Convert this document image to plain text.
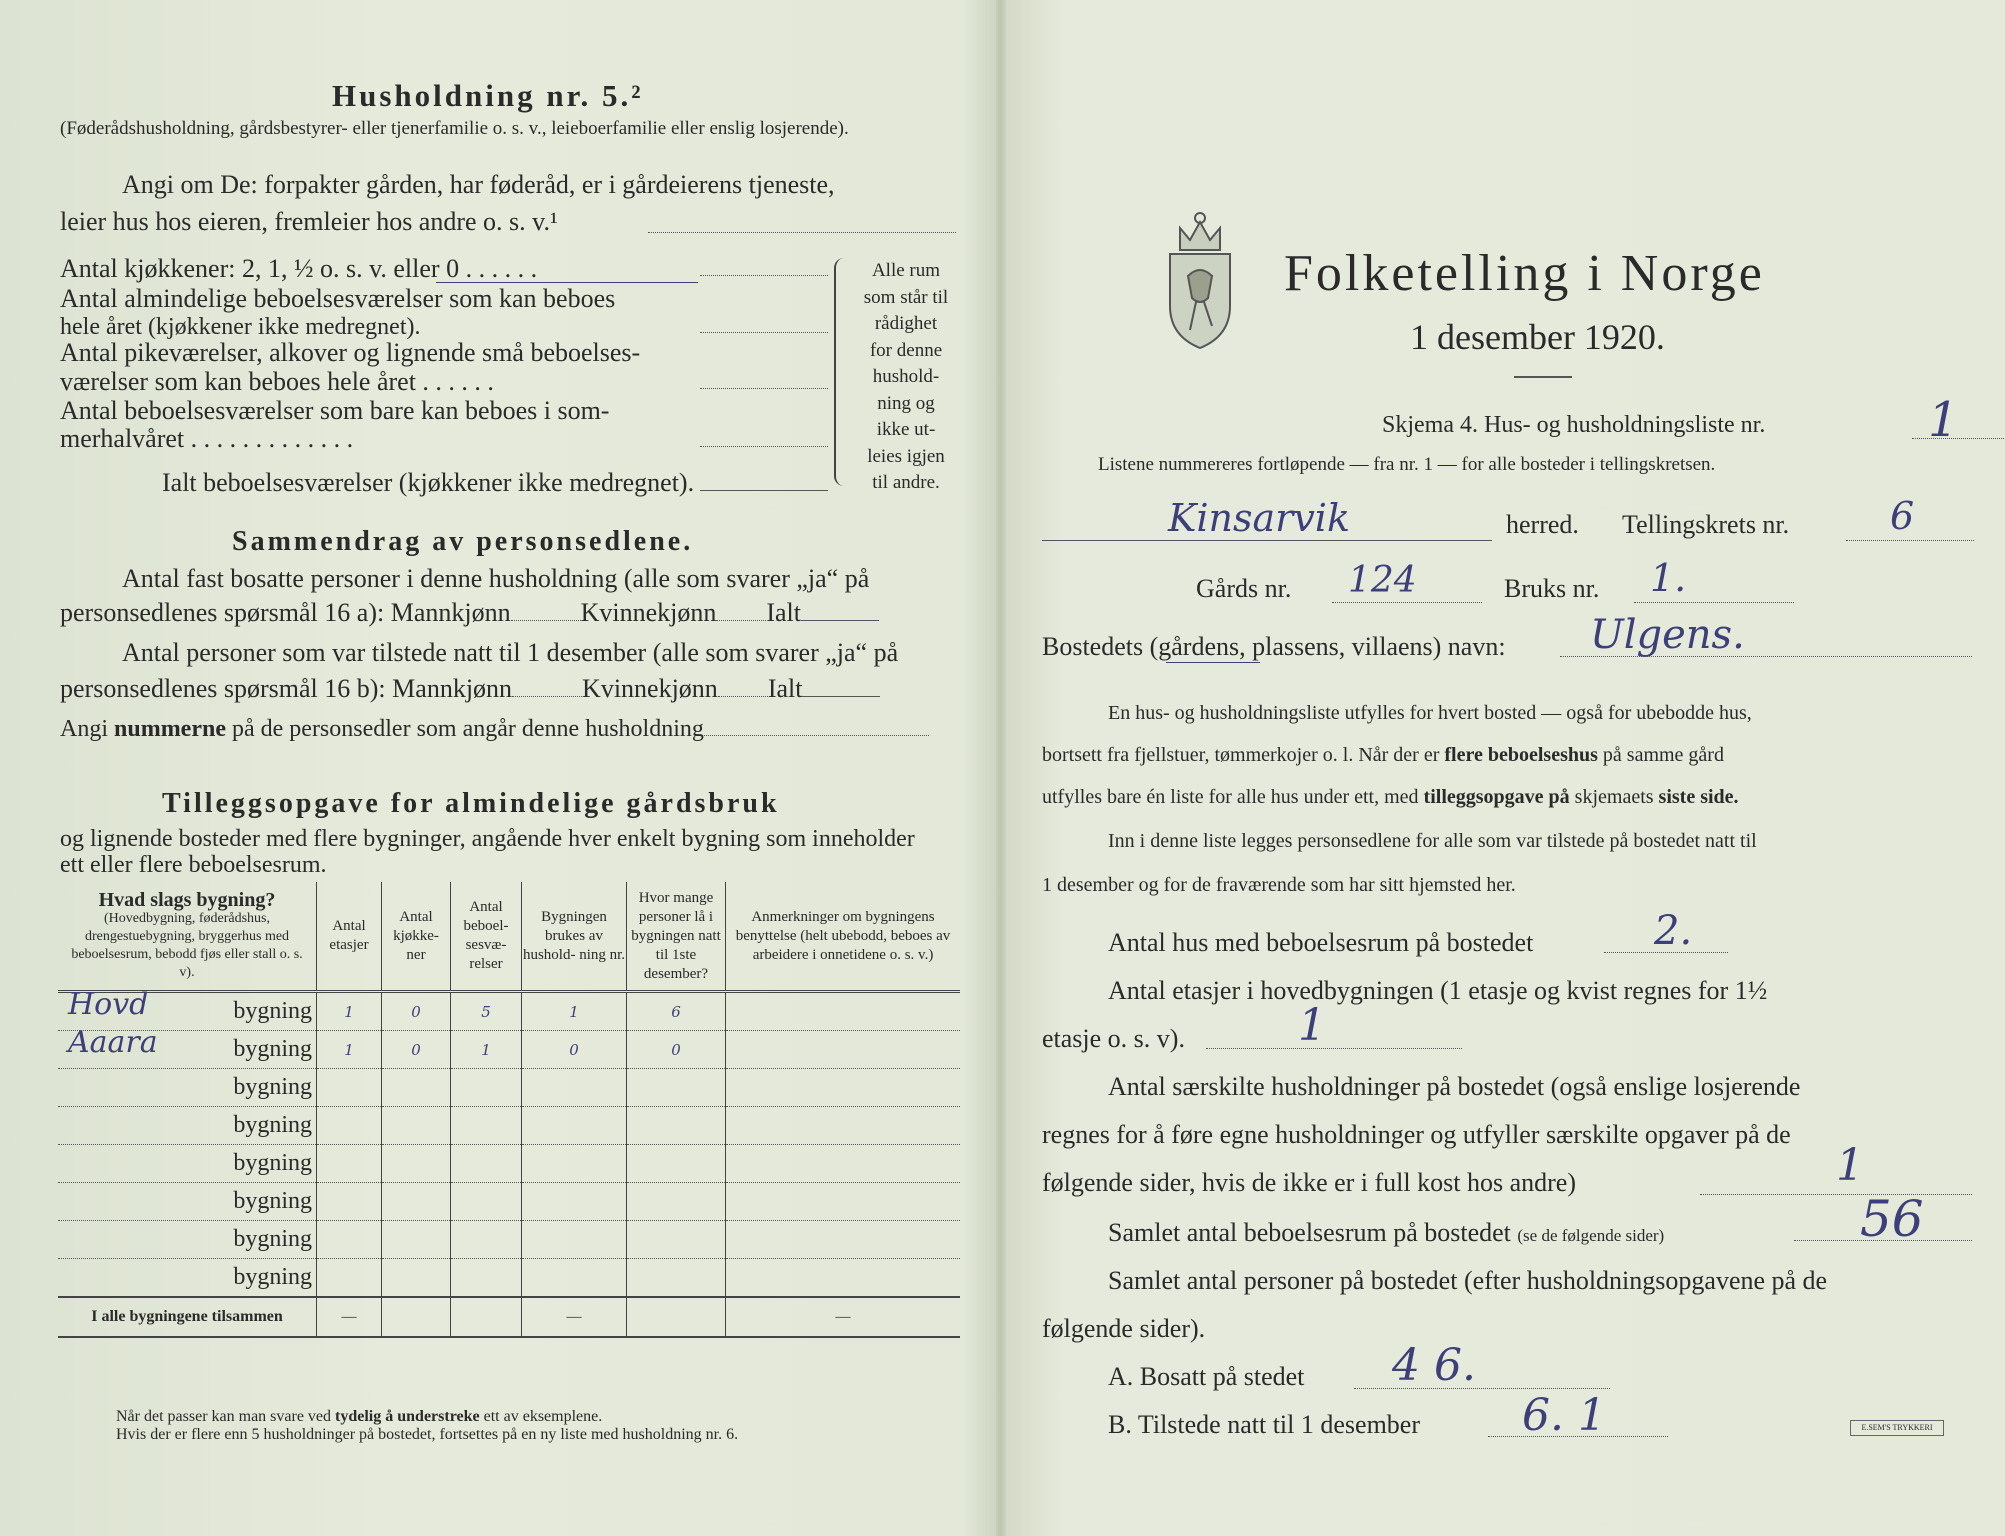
Husholdning nr. 5.²
(Føderådshusholdning, gårdsbestyrer- eller tjenerfamilie o. s. v., leieboerfamilie eller enslig losjerende).
Angi om De: forpakter gården, har føderåd, er i gårdeierens tjeneste,
leier hus hos eieren, fremleier hos andre o. s. v.¹
Antal kjøkkener: 2, 1, ½ o. s. v. eller 0 . . . . . .
Antal almindelige beboelsesværelser som kan beboes
hele året (kjøkkener ikke medregnet).
Antal pikeværelser, alkover og lignende små beboelses-
værelser som kan beboes hele året . . . . . .
Antal beboelsesværelser som bare kan beboes i som-
merhalvåret . . . . . . . . . . . . .
Ialt beboelsesværelser (kjøkkener ikke medregnet).
Alle rum
som står til
rådighet
for denne
hushold-
ning og
ikke ut-
leies igjen
til andre.
Sammendrag av personsedlene.
Antal fast bosatte personer i denne husholdning (alle som svarer „ja“ på
personsedlenes spørsmål 16 a): Mannkjønn	Kvinnekjønn Ialt
Antal personer som var tilstede natt til 1 desember (alle som svarer „ja“ på
personsedlenes spørsmål 16 b): Mannkjønn	Kvinnekjønn Ialt
Angi nummerne på de personsedler som angår denne husholdning
Tilleggsopgave for almindelige gårdsbruk
og lignende bosteder med flere bygninger, angående hver enkelt bygning som inneholder
ett eller flere beboelsesrum.
Hvad slags bygning?
(Hovedbygning, føderådshus, drengestuebygning, bryggerhus med beboelsesrum, bebodd fjøs eller stall o. s. v).	Antal etasjer	Antal kjøkke- ner	Antal beboel- sesvæ- relser	Bygningen brukes av hushold- ning nr.	Hvor mange personer lå i bygningen natt til 1ste desember?	Anmerkninger om bygningens benyttelse (helt ubebodd, beboes av arbeidere i onnetidene o. s. v.)

Hovd bygning	1	0	5	1	6	

Aaara bygning	1	0	1	0	0	
bygning						
bygning						
bygning						
bygning						
bygning						
bygning						
I alle bygningene tilsammen	—			—		—
Når det passer kan man svare ved tydelig å understreke ett av eksemplene.
Hvis der er flere enn 5 husholdninger på bostedet, fortsettes på en ny liste med husholdning nr. 6.
Folketelling i Norge
1 desember 1920.
Skjema 4. Hus- og husholdningsliste nr.	1
Listene nummereres fortløpende — fra nr. 1 — for alle bosteder i tellingskretsen.
Kinsarvik	herred. Tellingskrets nr.	6
Gårds nr. 124	Bruks nr. 1.
Bostedets (gårdens, plassens, villaens) navn: Ulgens.
En hus- og husholdningsliste utfylles for hvert bosted — også for ubebodde hus,
bortsett fra fjellstuer, tømmerkojer o. l. Når der er flere beboelseshus på samme gård
utfylles bare én liste for alle hus under ett, med tilleggsopgave på skjemaets siste side.
Inn i denne liste legges personsedlene for alle som var tilstede på bostedet natt til
1 desember og for de fraværende som har sitt hjemsted her.
Antal hus med beboelsesrum på bostedet	2.
Antal etasjer i hovedbygningen (1 etasje og kvist regnes for 1½
etasje o. s. v).	1
Antal særskilte husholdninger på bostedet (også enslige losjerende
regnes for å føre egne husholdninger og utfyller særskilte opgaver på de
følgende sider, hvis de ikke er i full kost hos andre)	1
Samlet antal beboelsesrum på bostedet (se de følgende sider)	56
Samlet antal personer på bostedet (efter husholdningsopgavene på de
følgende sider).
A. Bosatt på stedet 4 6.
B. Tilstede natt til 1 desember 6. 1	E.SEM'S TRYKKERI
